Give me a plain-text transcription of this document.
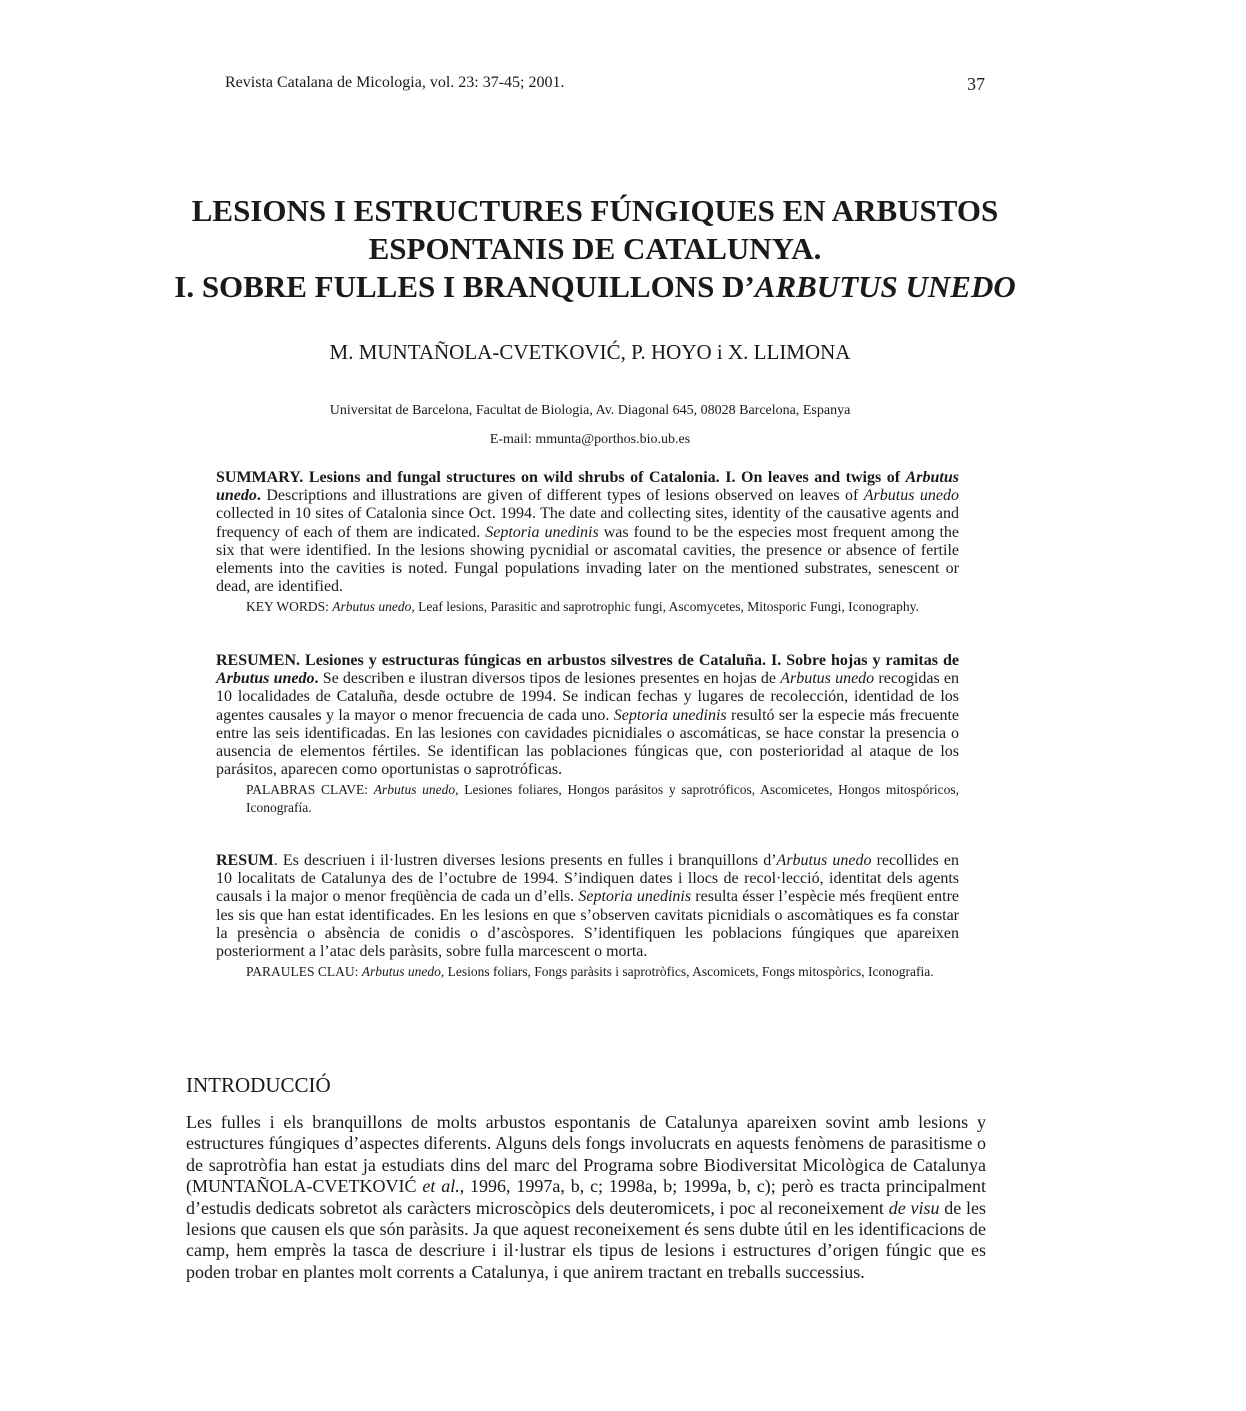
Revista Catalana de Micologia, vol. 23: 37-45; 2001.	37
LESIONS I ESTRUCTURES FÚNGIQUES EN ARBUSTOS
ESPONTANIS DE CATALUNYA.
I. SOBRE FULLES I BRANQUILLONS D’ARBUTUS UNEDO
M. MUNTAÑOLA-CVETKOVIĆ, P. HOYO i X. LLIMONA
Universitat de Barcelona, Facultat de Biologia, Av. Diagonal 645, 08028 Barcelona, Espanya
E-mail: mmunta@porthos.bio.ub.es

SUMMARY. Lesions and fungal structures on wild shrubs of Catalonia. I. On leaves and twigs of Arbutus unedo. Descriptions and illustrations are given of different types of lesions observed on leaves of Arbutus unedo collected in 10 sites of Catalonia since Oct. 1994. The date and collecting sites, identity of the causative agents and frequency of each of them are indicated. Septoria unedinis was found to be the especies most frequent among the six that were identified. In the lesions showing pycnidial or ascomatal cavities, the presence or absence of fertile elements into the cavities is noted. Fungal populations invading later on the mentioned substrates, senescent or dead, are identified.

KEY WORDS: Arbutus unedo, Leaf lesions, Parasitic and saprotrophic fungi, Ascomycetes, Mitosporic Fungi, Iconography.

RESUMEN. Lesiones y estructuras fúngicas en arbustos silvestres de Cataluña. I. Sobre hojas y ramitas de Arbutus unedo. Se describen e ilustran diversos tipos de lesiones presentes en hojas de Arbutus unedo recogidas en 10 localidades de Cataluña, desde octubre de 1994. Se indican fechas y lugares de recolección, identidad de los agentes causales y la mayor o menor frecuencia de cada uno. Septoria unedinis resultó ser la especie más frecuente entre las seis identificadas. En las lesiones con cavidades picnidiales o ascomáticas, se hace constar la presencia o ausencia de elementos fértiles. Se identifican las poblaciones fúngicas que, con posterioridad al ataque de los parásitos, aparecen como oportunistas o saprotróficas.

PALABRAS CLAVE: Arbutus unedo, Lesiones foliares, Hongos parásitos y saprotróficos, Ascomicetes, Hongos mitospóricos, Iconografía.

RESUM. Es descriuen i il·lustren diverses lesions presents en fulles i branquillons d’Arbutus unedo recollides en 10 localitats de Catalunya des de l’octubre de 1994. S’indiquen dates i llocs de recol·lecció, identitat dels agents causals i la major o menor freqüència de cada un d’ells. Septoria unedinis resulta ésser l’espècie més freqüent entre les sis que han estat identificades. En les lesions en que s’observen cavitats picnidials o ascomàtiques es fa constar la presència o absència de conidis o d’ascòspores. S’identifiquen les poblacions fúngiques que apareixen posteriorment a l’atac dels paràsits, sobre fulla marcescent o morta.

PARAULES CLAU: Arbutus unedo, Lesions foliars, Fongs paràsits i saprotròfics, Ascomicets, Fongs mitospòrics, Iconografia.

INTRODUCCIÓ

Les fulles i els branquillons de molts arbustos espontanis de Catalunya apareixen sovint amb lesions y estructures fúngiques d’aspectes diferents. Alguns dels fongs involucrats en aquests fenòmens de parasitisme o de saprotròfia han estat ja estudiats dins del marc del Programa sobre Biodiversitat Micològica de Catalunya (MUNTAÑOLA-CVETKOVIĆ et al., 1996, 1997a, b, c; 1998a, b; 1999a, b, c); però es tracta principalment d’estudis dedicats sobretot als caràcters microscòpics dels deuteromicets, i poc al reconeixement de visu de les lesions que causen els que són paràsits. Ja que aquest reconeixement és sens dubte útil en les identificacions de camp, hem emprès la tasca de descriure i il·lustrar els tipus de lesions i estructures d’origen fúngic que es poden trobar en plantes molt corrents a Catalunya, i que anirem tractant en treballs successius.
